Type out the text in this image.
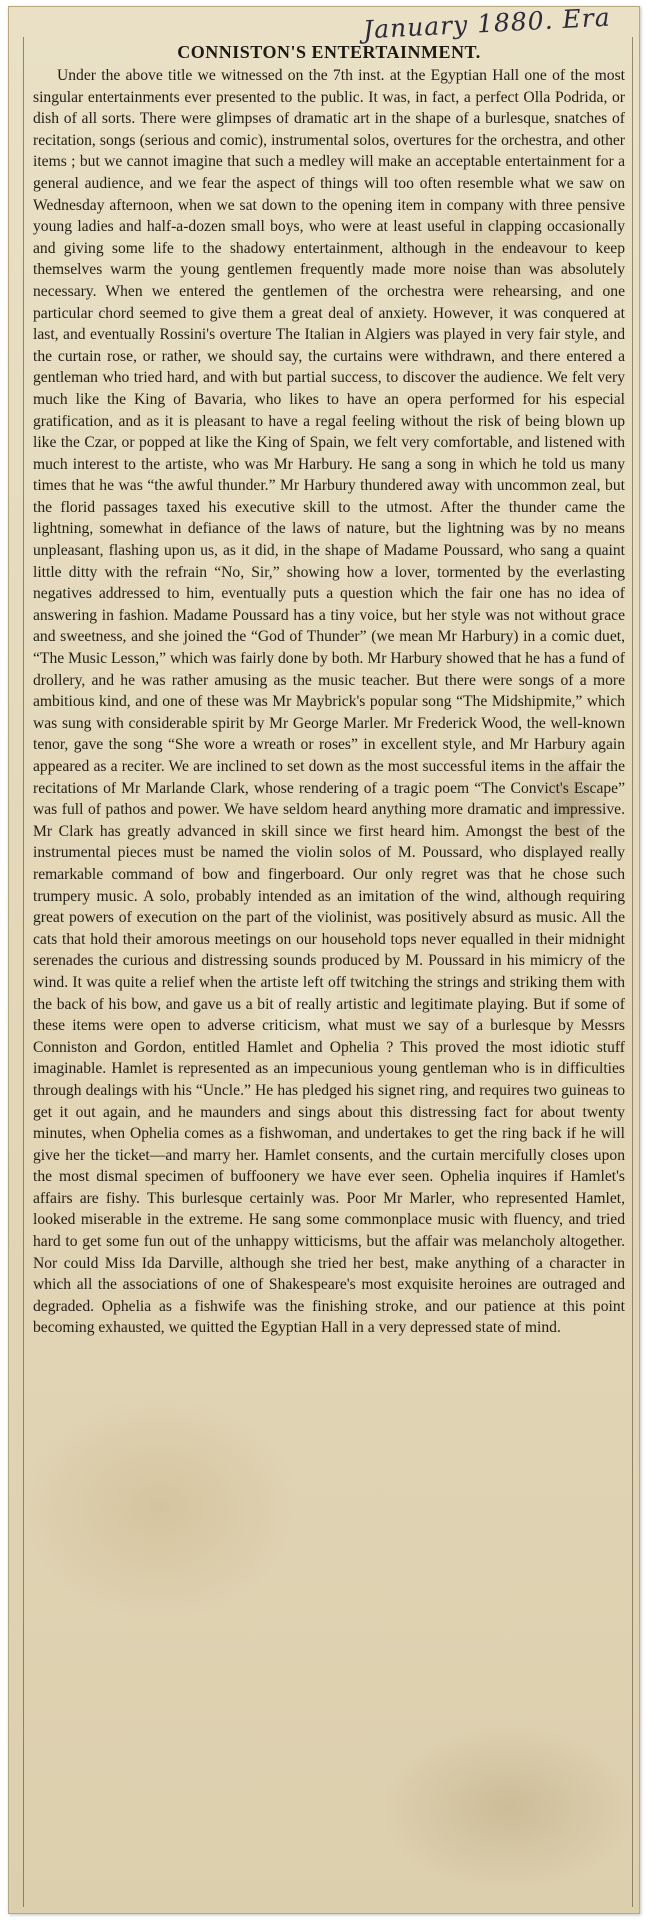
January 1880. Era
CONNISTON'S ENTERTAINMENT.
Under the above title we witnessed on the 7th inst. at the Egyptian Hall one of the most singular entertainments ever presented to the public. It was, in fact, a perfect Olla Podrida, or dish of all sorts. There were glimpses of dramatic art in the shape of a burlesque, snatches of recitation, songs (serious and comic), instrumental solos, overtures for the orchestra, and other items ; but we cannot imagine that such a medley will make an acceptable entertainment for a general audience, and we fear the aspect of things will too often resemble what we saw on Wednesday afternoon, when we sat down to the opening item in company with three pensive young ladies and half-a-dozen small boys, who were at least useful in clapping occasionally and giving some life to the shadowy entertainment, although in the endeavour to keep themselves warm the young gentlemen frequently made more noise than was absolutely necessary. When we entered the gentlemen of the orchestra were rehearsing, and one particular chord seemed to give them a great deal of anxiety. However, it was conquered at last, and eventually Rossini's overture The Italian in Algiers was played in very fair style, and the curtain rose, or rather, we should say, the curtains were withdrawn, and there entered a gentleman who tried hard, and with but partial success, to discover the audience. We felt very much like the King of Bavaria, who likes to have an opera performed for his especial gratification, and as it is pleasant to have a regal feeling without the risk of being blown up like the Czar, or popped at like the King of Spain, we felt very comfortable, and listened with much interest to the artiste, who was Mr Harbury. He sang a song in which he told us many times that he was “the awful thunder.” Mr Harbury thundered away with uncommon zeal, but the florid passages taxed his executive skill to the utmost. After the thunder came the lightning, somewhat in defiance of the laws of nature, but the lightning was by no means unpleasant, flashing upon us, as it did, in the shape of Madame Poussard, who sang a quaint little ditty with the refrain “No, Sir,” showing how a lover, tormented by the everlasting negatives addressed to him, eventually puts a question which the fair one has no idea of answering in fashion. Madame Poussard has a tiny voice, but her style was not without grace and sweetness, and she joined the “God of Thunder” (we mean Mr Harbury) in a comic duet, “The Music Lesson,” which was fairly done by both. Mr Harbury showed that he has a fund of drollery, and he was rather amusing as the music teacher. But there were songs of a more ambitious kind, and one of these was Mr Maybrick's popular song “The Midshipmite,” which was sung with considerable spirit by Mr George Marler. Mr Frederick Wood, the well-known tenor, gave the song “She wore a wreath or roses” in excellent style, and Mr Harbury again appeared as a reciter. We are inclined to set down as the most successful items in the affair the recitations of Mr Marlande Clark, whose rendering of a tragic poem “The Convict's Escape” was full of pathos and power. We have seldom heard anything more dramatic and impressive. Mr Clark has greatly advanced in skill since we first heard him. Amongst the best of the instrumental pieces must be named the violin solos of M. Poussard, who displayed really remarkable command of bow and fingerboard. Our only regret was that he chose such trumpery music. A solo, probably intended as an imitation of the wind, although requiring great powers of execution on the part of the violinist, was positively absurd as music. All the cats that hold their amorous meetings on our household tops never equalled in their midnight serenades the curious and distressing sounds produced by M. Poussard in his mimicry of the wind. It was quite a relief when the artiste left off twitching the strings and striking them with the back of his bow, and gave us a bit of really artistic and legitimate playing. But if some of these items were open to adverse criticism, what must we say of a burlesque by Messrs Conniston and Gordon, entitled Hamlet and Ophelia ? This proved the most idiotic stuff imaginable. Hamlet is represented as an impecunious young gentleman who is in difficulties through dealings with his “Uncle.” He has pledged his signet ring, and requires two guineas to get it out again, and he maunders and sings about this distressing fact for about twenty minutes, when Ophelia comes as a fishwoman, and undertakes to get the ring back if he will give her the ticket—and marry her. Hamlet consents, and the curtain mercifully closes upon the most dismal specimen of buffoonery we have ever seen. Ophelia inquires if Hamlet's affairs are fishy. This burlesque certainly was. Poor Mr Marler, who represented Hamlet, looked miserable in the extreme. He sang some commonplace music with fluency, and tried hard to get some fun out of the unhappy witticisms, but the affair was melancholy altogether. Nor could Miss Ida Darville, although she tried her best, make anything of a character in which all the associations of one of Shakespeare's most exquisite heroines are outraged and degraded. Ophelia as a fishwife was the finishing stroke, and our patience at this point becoming exhausted, we quitted the Egyptian Hall in a very depressed state of mind.
